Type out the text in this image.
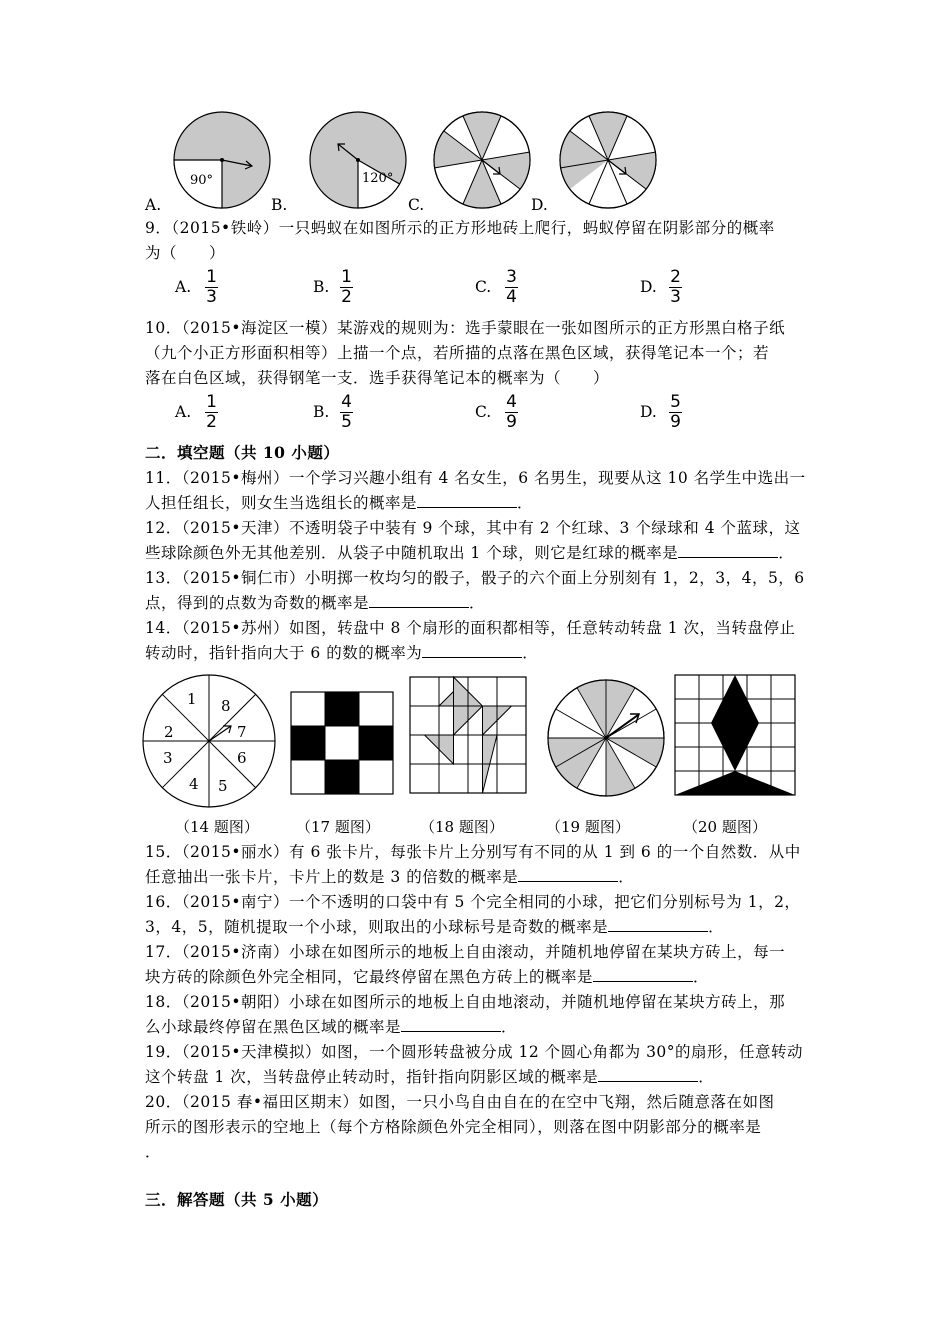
90°	120°
A.	B.	C.	D.
9．（2015•铁岭）一只蚂蚁在如图所示的正方形地砖上爬行，蚂蚁停留在阴影部分的概率
为（　　）
A. 1
3
B. 1
2
C. 3
4
D. 2
3
10．（2015•海淀区一模）某游戏的规则为：选手蒙眼在一张如图所示的正方形黑白格子纸
（九个小正方形面积相等）上描一个点，若所描的点落在黑色区域，获得笔记本一个；若
落在白色区域，获得钢笔一支．选手获得笔记本的概率为（　　）
A. 1
2
B. 4
5
C. 4
9
D. 5
9
二．填空题（共 10 小题）
11．（2015•梅州）一个学习兴趣小组有 4 名女生，6 名男生，现要从这 10 名学生中选出一
人担任组长，则女生当选组长的概率是	．
12．（2015•天津）不透明袋子中装有 9 个球，其中有 2 个红球、3 个绿球和 4 个蓝球，这
些球除颜色外无其他差别．从袋子中随机取出 1 个球，则它是红球的概率是	．
13．（2015•铜仁市）小明掷一枚均匀的骰子，骰子的六个面上分别刻有 1，2，3，4，5，6
点，得到的点数为奇数的概率是	．
14．（2015•苏州）如图，转盘中 8 个扇形的面积都相等，任意转动转盘 1 次，当转盘停止
转动时，指针指向大于 6 的数的概率为	．
1 8
7
6
5
4
3
2
（14 题图） （17 题图）	（18 题图）	（19 题图）	（20 题图）
15．（2015•丽水）有 6 张卡片，每张卡片上分别写有不同的从 1 到 6 的一个自然数．从中
任意抽出一张卡片，卡片上的数是 3 的倍数的概率是	．
16．（2015•南宁）一个不透明的口袋中有 5 个完全相同的小球，把它们分别标号为 1，2，
3，4，5，随机提取一个小球，则取出的小球标号是奇数的概率是	．
17．（2015•济南）小球在如图所示的地板上自由滚动，并随机地停留在某块方砖上，每一
块方砖的除颜色外完全相同，它最终停留在黑色方砖上的概率是	．
18．（2015•朝阳）小球在如图所示的地板上自由地滚动，并随机地停留在某块方砖上，那
么小球最终停留在黑色区域的概率是	．
19．（2015•天津模拟）如图，一个圆形转盘被分成 12 个圆心角都为 30°的扇形，任意转动
这个转盘 1 次，当转盘停止转动时，指针指向阴影区域的概率是	．
20．（2015 春•福田区期末）如图，一只小鸟自由自在的在空中飞翔，然后随意落在如图
所示的图形表示的空地上（每个方格除颜色外完全相同），则落在图中阴影部分的概率是
．
三．解答题（共 5 小题）
